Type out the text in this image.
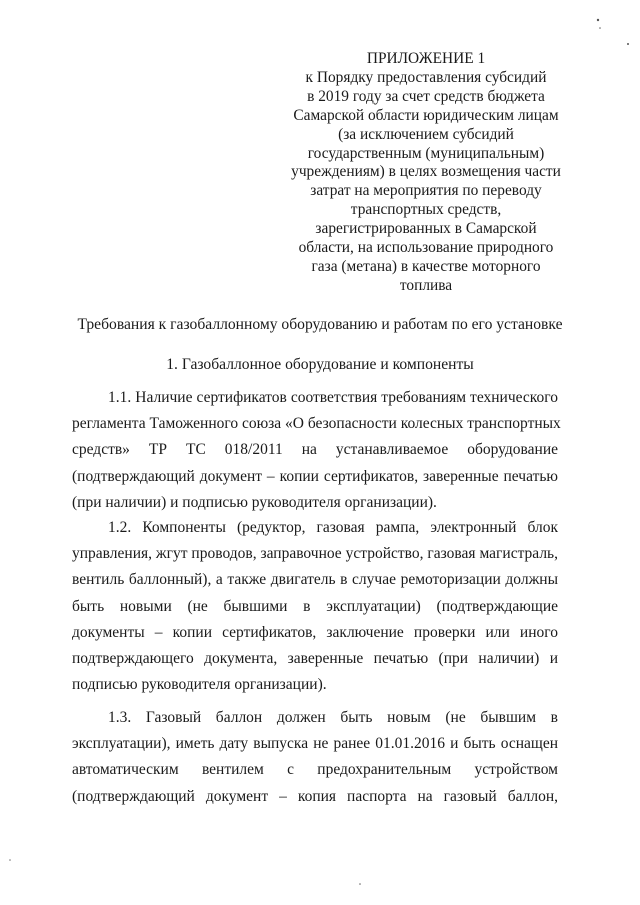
ПРИЛОЖЕНИЕ 1
к Порядку предоставления субсидий
в 2019 году за счет средств бюджета
Самарской области юридическим лицам
(за исключением субсидий
государственным (муниципальным)
учреждениям) в целях возмещения части
затрат на мероприятия по переводу
транспортных средств,
зарегистрированных в Самарской
области, на использование природного
газа (метана) в качестве моторного
топлива
Требования к газобаллонному оборудованию и работам по его установке
1. Газобаллонное оборудование и компоненты
1.1. Наличие сертификатов соответствия требованиям технического
регламента Таможенного союза «О безопасности колесных транспортных
средств» ТР ТС 018/2011 на устанавливаемое оборудование
(подтверждающий документ – копии сертификатов, заверенные печатью
(при наличии) и подписью руководителя организации).
1.2. Компоненты (редуктор, газовая рампа, электронный блок
управления, жгут проводов, заправочное устройство, газовая магистраль,
вентиль баллонный), а также двигатель в случае ремоторизации должны
быть новыми (не бывшими в эксплуатации) (подтверждающие
документы – копии сертификатов, заключение проверки или иного
подтверждающего документа, заверенные печатью (при наличии) и
подписью руководителя организации).
1.3. Газовый баллон должен быть новым (не бывшим в
эксплуатации), иметь дату выпуска не ранее 01.01.2016 и быть оснащен
автоматическим вентилем с предохранительным устройством
(подтверждающий документ – копия паспорта на газовый баллон,
